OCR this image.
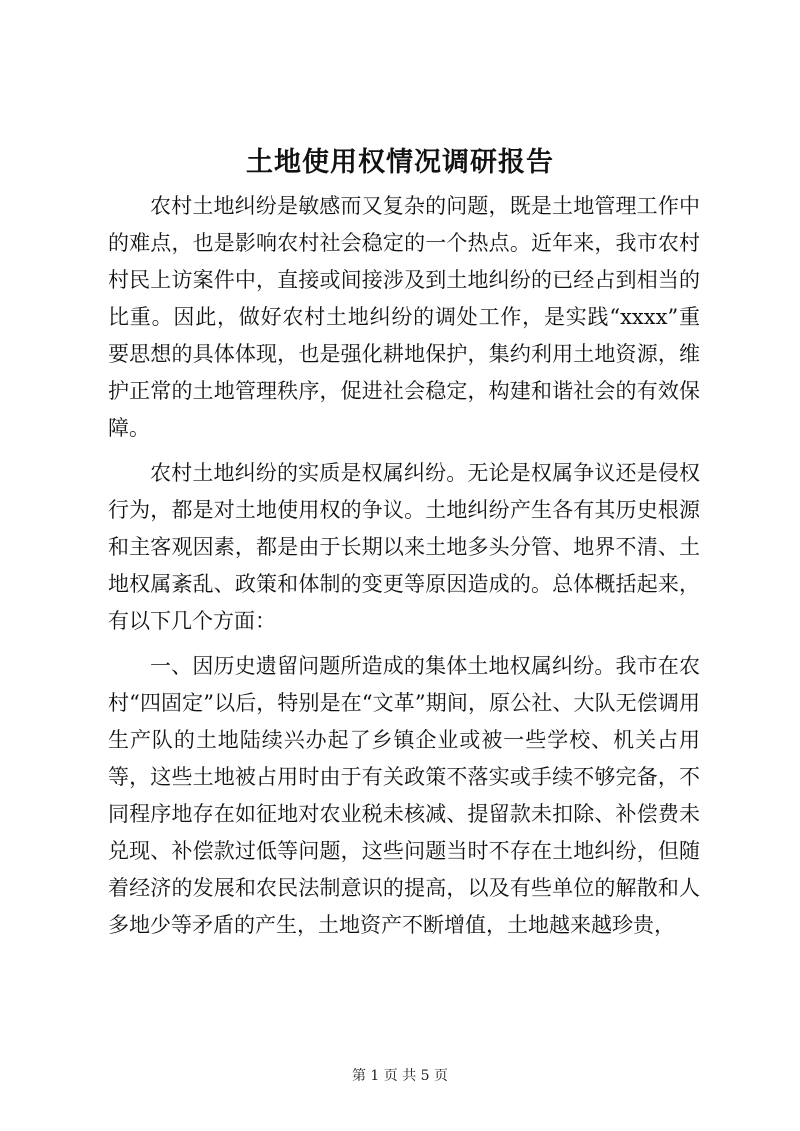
土地使用权情况调研报告

农村土地纠纷是敏感而又复杂的问题，既是土地管理工作中的难点，也是影响农村社会稳定的一个热点。近年来，我市农村村民上访案件中，直接或间接涉及到土地纠纷的已经占到相当的比重。因此，做好农村土地纠纷的调处工作，是实践“xxxx”重要思想的具体体现，也是强化耕地保护，集约利用土地资源，维护正常的土地管理秩序，促进社会稳定，构建和谐社会的有效保障。

农村土地纠纷的实质是权属纠纷。无论是权属争议还是侵权行为，都是对土地使用权的争议。土地纠纷产生各有其历史根源和主客观因素，都是由于长期以来土地多头分管、地界不清、土地权属紊乱、政策和体制的变更等原因造成的。总体概括起来，有以下几个方面：

一、因历史遗留问题所造成的集体土地权属纠纷。我市在农村“四固定”以后，特别是在“文革”期间，原公社、大队无偿调用生产队的土地陆续兴办起了乡镇企业或被一些学校、机关占用等，这些土地被占用时由于有关政策不落实或手续不够完备，不同程序地存在如征地对农业税未核减、提留款未扣除、补偿费未兑现、补偿款过低等问题，这些问题当时不存在土地纠纷，但随着经济的发展和农民法制意识的提高，以及有些单位的解散和人多地少等矛盾的产生，土地资产不断增值，土地越来越珍贵，

第 1 页 共 5 页
